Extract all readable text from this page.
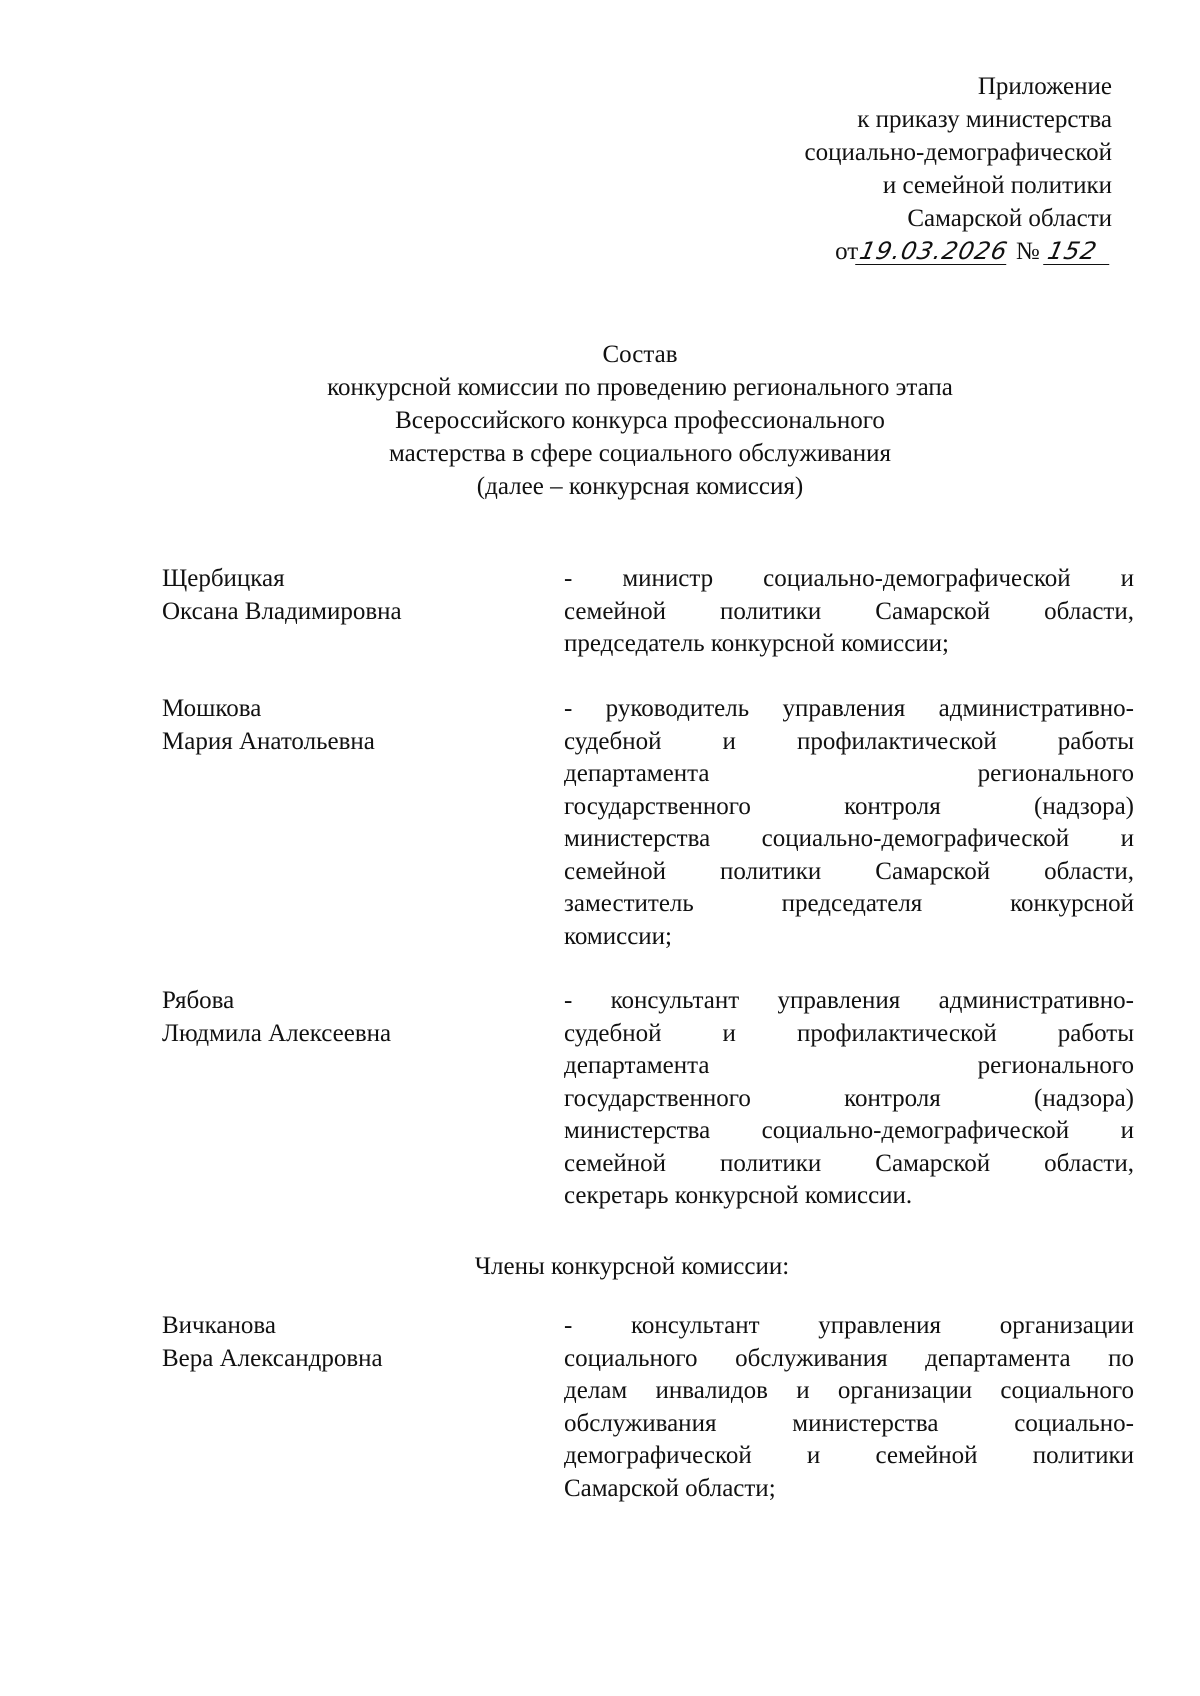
Приложение
к приказу министерства
социально-демографической
и семейной политики
Самарской области
от19.03.2026 № 152
Состав
конкурсной комиссии по проведению регионального этапа
Всероссийского конкурса профессионального
мастерства в сфере социального обслуживания
(далее – конкурсная комиссия)
Щербицкая
Оксана Владимировна
- министр социально-демографической и
семейной политики Самарской области,
председатель конкурсной комиссии;
Мошкова
Мария Анатольевна
- руководитель управления административно-
судебной и профилактической работы
департамента регионального
государственного контроля (надзора)
министерства социально-демографической и
семейной политики Самарской области,
заместитель председателя конкурсной
комиссии;
Рябова
Людмила Алексеевна
- консультант управления административно-
судебной и профилактической работы
департамента регионального
государственного контроля (надзора)
министерства социально-демографической и
семейной политики Самарской области,
секретарь конкурсной комиссии.
Члены конкурсной комиссии:
Вичканова
Вера Александровна
- консультант управления организации
социального обслуживания департамента по
делам инвалидов и организации социального
обслуживания министерства социально-
демографической и семейной политики
Самарской области;
